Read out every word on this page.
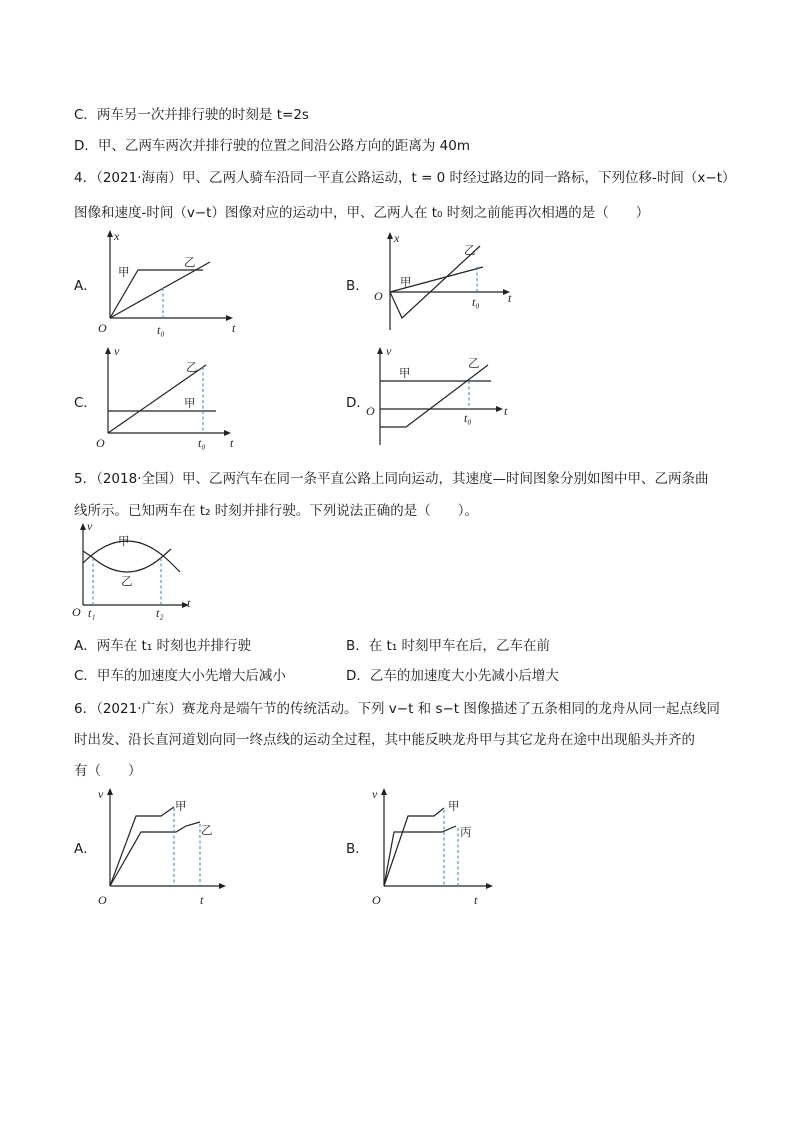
C．两车另一次并排行驶的时刻是 t=2s
D．甲、乙两车两次并排行驶的位置之间沿公路方向的距离为 40m
4．（2021·海南）甲、乙两人骑车沿同一平直公路运动，t = 0 时经过路边的同一路标，下列位移-时间（x−t）
图像和速度-时间（v−t）图像对应的运动中，甲、乙两人在 t₀ 时刻之前能再次相遇的是（　　）
A．
x
t
O	t₀
甲
乙
B．
x
t
O	t₀
甲
乙
C．
v
t
O	t₀
甲
乙
D．
v
t
O	t₀
甲
乙
5．（2018·全国）甲、乙两汽车在同一条平直公路上同向运动，其速度—时间图象分别如图中甲、乙两条曲
线所示。已知两车在 t₂ 时刻并排行驶。下列说法正确的是（　　）。
v
t
O t₁	t₂
甲
乙
A．两车在 t₁ 时刻也并排行驶	B．在 t₁ 时刻甲车在后，乙车在前
C．甲车的加速度大小先增大后减小	D．乙车的加速度大小先减小后增大
6．（2021·广东）赛龙舟是端午节的传统活动。下列 v−t 和 s−t 图像描述了五条相同的龙舟从同一起点线同
时出发、沿长直河道划向同一终点线的运动全过程，其中能反映龙舟甲与其它龙舟在途中出现船头并齐的
有（　　）
A．
v
t
O
甲
乙
B．
v
t
O
甲
丙
